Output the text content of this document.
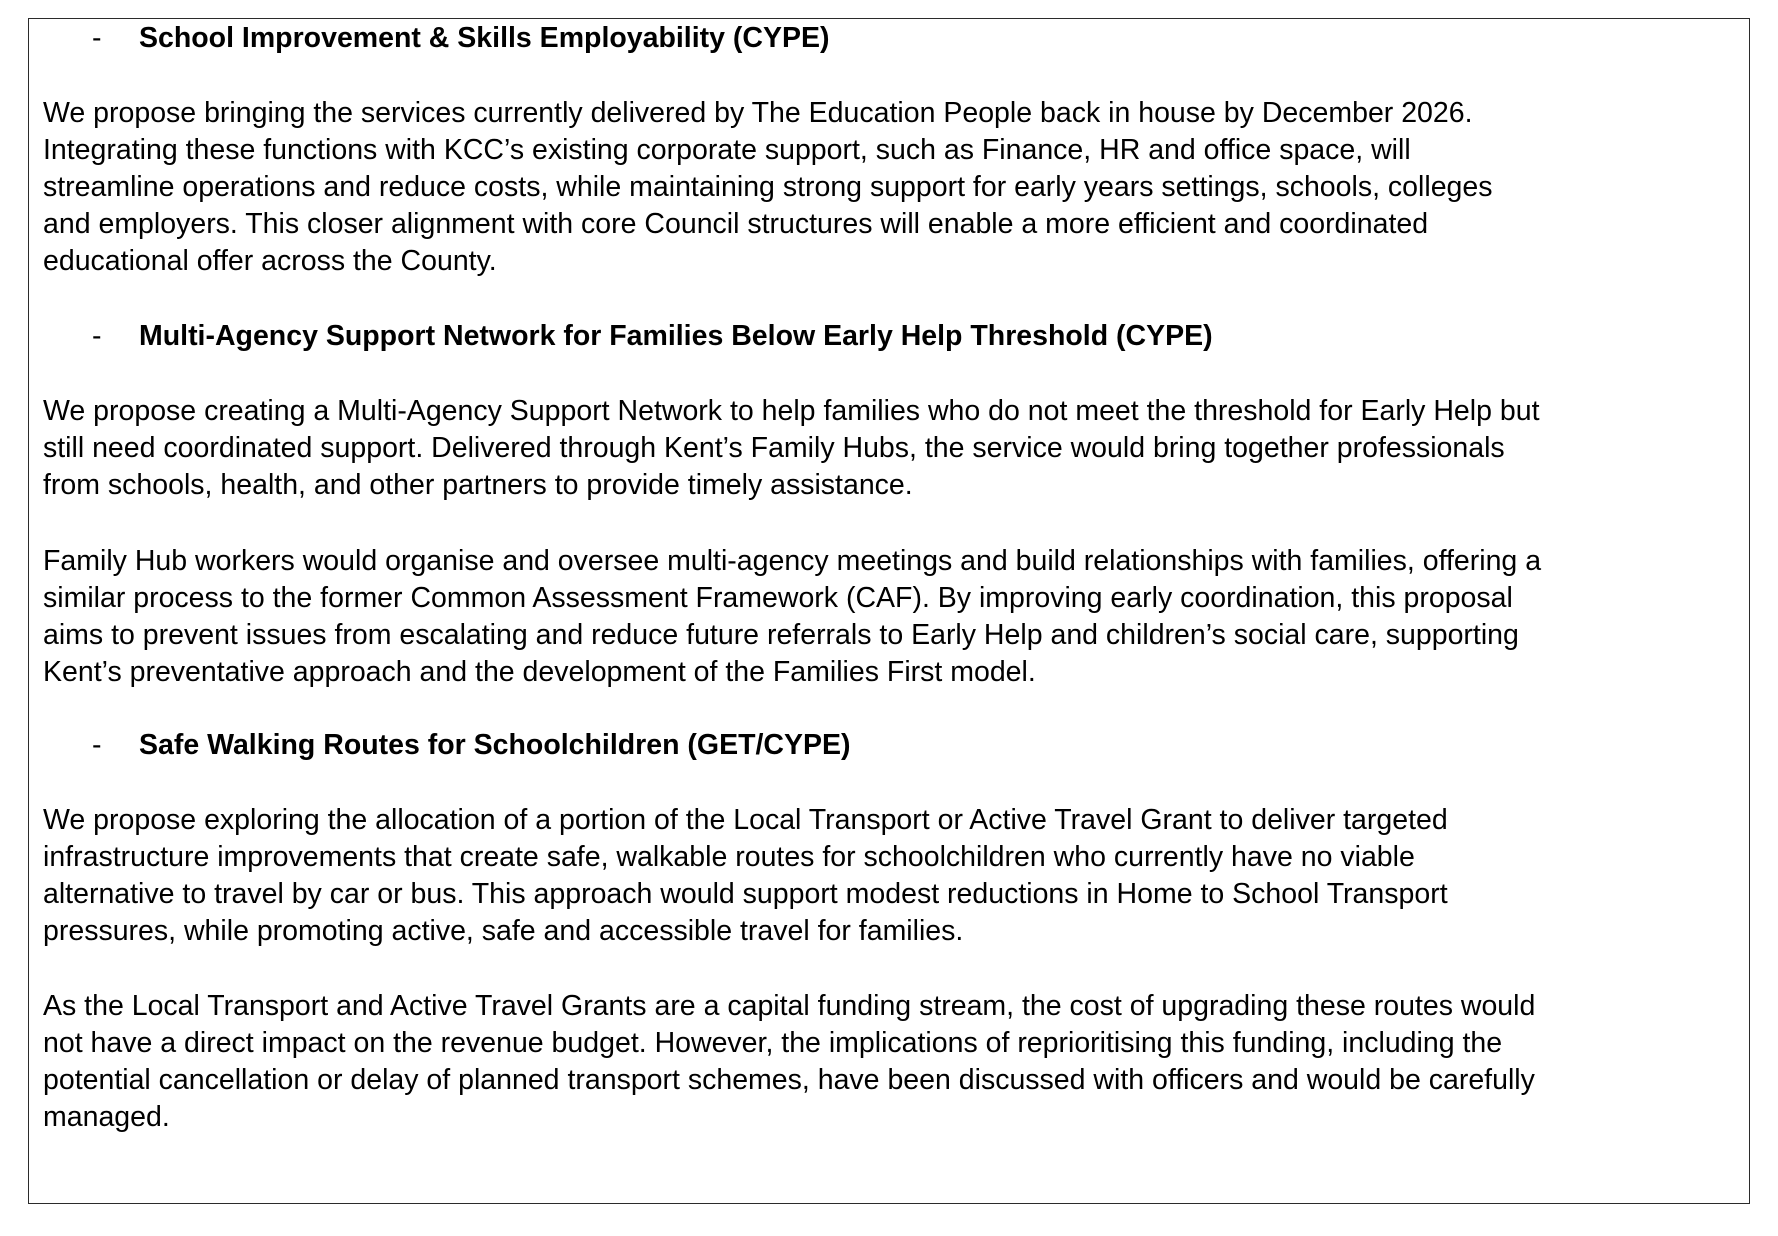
- School Improvement & Skills Employability (CYPE)
We propose bringing the services currently delivered by The Education People back in house by December 2026.
Integrating these functions with KCC’s existing corporate support, such as Finance, HR and office space, will
streamline operations and reduce costs, while maintaining strong support for early years settings, schools, colleges
and employers. This closer alignment with core Council structures will enable a more efficient and coordinated
educational offer across the County.
- Multi-Agency Support Network for Families Below Early Help Threshold (CYPE)
We propose creating a Multi-Agency Support Network to help families who do not meet the threshold for Early Help but
still need coordinated support. Delivered through Kent’s Family Hubs, the service would bring together professionals
from schools, health, and other partners to provide timely assistance.
Family Hub workers would organise and oversee multi-agency meetings and build relationships with families, offering a
similar process to the former Common Assessment Framework (CAF). By improving early coordination, this proposal
aims to prevent issues from escalating and reduce future referrals to Early Help and children’s social care, supporting
Kent’s preventative approach and the development of the Families First model.
- Safe Walking Routes for Schoolchildren (GET/CYPE)
We propose exploring the allocation of a portion of the Local Transport or Active Travel Grant to deliver targeted
infrastructure improvements that create safe, walkable routes for schoolchildren who currently have no viable
alternative to travel by car or bus. This approach would support modest reductions in Home to School Transport
pressures, while promoting active, safe and accessible travel for families.
As the Local Transport and Active Travel Grants are a capital funding stream, the cost of upgrading these routes would
not have a direct impact on the revenue budget. However, the implications of reprioritising this funding, including the
potential cancellation or delay of planned transport schemes, have been discussed with officers and would be carefully
managed.
